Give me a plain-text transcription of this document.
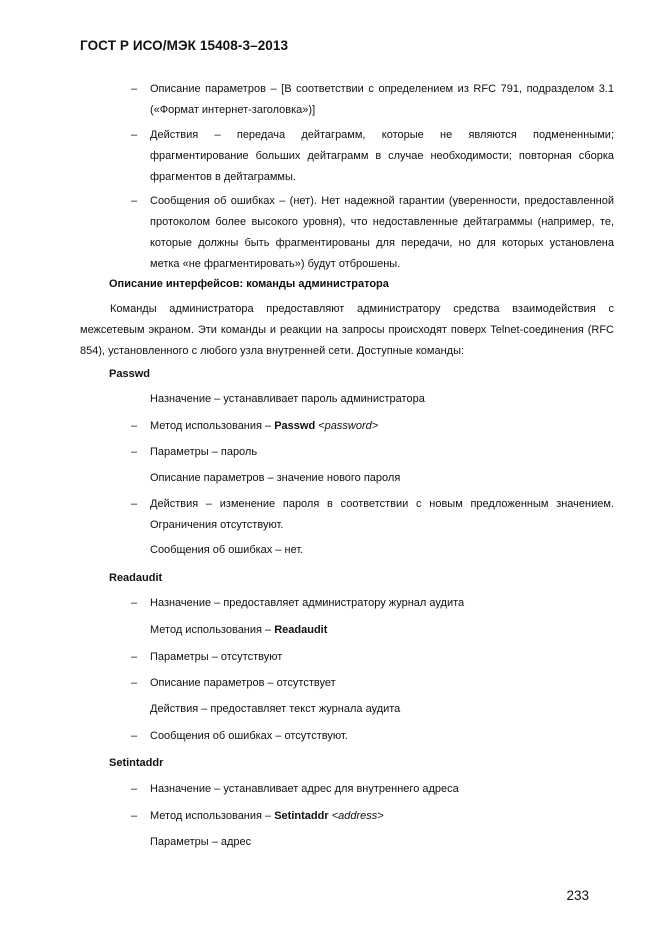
ГОСТ Р ИСО/МЭК 15408-3–2013
–	Описание параметров – [В соответствии с определением из RFC 791, подразделом 3.1 («Формат интернет-заголовка»)]
–	Действия – передача дейтаграмм, которые не являются подмененными; фрагментирование больших дейтаграмм в случае необходимости; повторная сборка фрагментов в дейтаграммы.
–	Сообщения об ошибках – (нет). Нет надежной гарантии (уверенности, предоставленной протоколом более высокого уровня), что недоставленные дейтаграммы (например, те, которые должны быть фрагментированы для передачи, но для которых установлена метка «не фрагментировать») будут отброшены.
Описание интерфейсов: команды администратора
Команды администратора предоставляют администратору средства взаимодействия с межсетевым экраном. Эти команды и реакции на запросы происходят поверх Telnet-соединения (RFC 854), установленного с любого узла внутренней сети. Доступные команды:
Passwd
Назначение – устанавливает пароль администратора
–	Метод использования – Passwd <password>
–	Параметры – пароль
Описание параметров – значение нового пароля
–	Действия – изменение пароля в соответствии с новым предложенным значением. Ограничения отсутствуют.
Сообщения об ошибках – нет.
Readaudit
–	Назначение – предоставляет администратору журнал аудита
Метод использования – Readaudit
–	Параметры – отсутствуют
–	Описание параметров – отсутствует
Действия – предоставляет текст журнала аудита
–	Сообщения об ошибках – отсутствуют.
Setintaddr
–	Назначение – устанавливает адрес для внутреннего адреса
–	Метод использования – Setintaddr <address>
Параметры – адрес
233
